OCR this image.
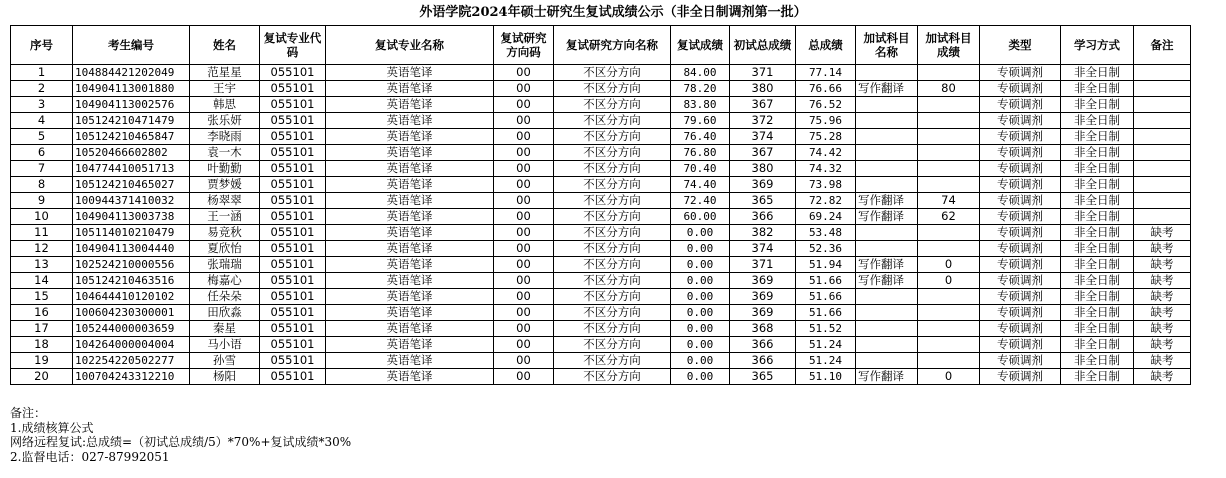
外语学院2024年硕士研究生复试成绩公示（非全日制调剂第一批）
序号	考生编号	姓名	复试专业代码	复试专业名称	复试研究方向码	复试研究方向名称	复试成绩	初试总成绩	总成绩	加试科目名称	加试科目成绩	类型	学习方式	备注
1	104884421202049	范星星	055101	英语笔译	00	不区分方向	84.00	371	77.14			专硕调剂	非全日制	
2	104904113001880	王宇	055101	英语笔译	00	不区分方向	78.20	380	76.66	写作翻译	80	专硕调剂	非全日制	
3	104904113002576	韩思	055101	英语笔译	00	不区分方向	83.80	367	76.52			专硕调剂	非全日制	
4	105124210471479	张乐妍	055101	英语笔译	00	不区分方向	79.60	372	75.96			专硕调剂	非全日制	
5	105124210465847	李晓雨	055101	英语笔译	00	不区分方向	76.40	374	75.28			专硕调剂	非全日制	
6	10520466602802	袁一木	055101	英语笔译	00	不区分方向	76.80	367	74.42			专硕调剂	非全日制	
7	104774410051713	叶勤勤	055101	英语笔译	00	不区分方向	70.40	380	74.32			专硕调剂	非全日制	
8	105124210465027	贾梦媛	055101	英语笔译	00	不区分方向	74.40	369	73.98			专硕调剂	非全日制	
9	100944371410032	杨翠翠	055101	英语笔译	00	不区分方向	72.40	365	72.82	写作翻译	74	专硕调剂	非全日制	
10	104904113003738	王一涵	055101	英语笔译	00	不区分方向	60.00	366	69.24	写作翻译	62	专硕调剂	非全日制	
11	105114010210479	易竞秋	055101	英语笔译	00	不区分方向	0.00	382	53.48			专硕调剂	非全日制	缺考
12	104904113004440	夏欣怡	055101	英语笔译	00	不区分方向	0.00	374	52.36			专硕调剂	非全日制	缺考
13	102524210000556	张瑞瑞	055101	英语笔译	00	不区分方向	0.00	371	51.94	写作翻译	0	专硕调剂	非全日制	缺考
14	105124210463516	梅嘉心	055101	英语笔译	00	不区分方向	0.00	369	51.66	写作翻译	0	专硕调剂	非全日制	缺考
15	104644410120102	任朵朵	055101	英语笔译	00	不区分方向	0.00	369	51.66			专硕调剂	非全日制	缺考
16	100604230300001	田欣淼	055101	英语笔译	00	不区分方向	0.00	369	51.66			专硕调剂	非全日制	缺考
17	105244000003659	秦星	055101	英语笔译	00	不区分方向	0.00	368	51.52			专硕调剂	非全日制	缺考
18	104264000004004	马小语	055101	英语笔译	00	不区分方向	0.00	366	51.24			专硕调剂	非全日制	缺考
19	102254220502277	孙雪	055101	英语笔译	00	不区分方向	0.00	366	51.24			专硕调剂	非全日制	缺考
20	100704243312210	杨阳	055101	英语笔译	00	不区分方向	0.00	365	51.10	写作翻译	0	专硕调剂	非全日制	缺考
备注：
1.成绩核算公式
网络远程复试:总成绩=（初试总成绩/5）*70%+复试成绩*30%
2.监督电话：027-87992051
